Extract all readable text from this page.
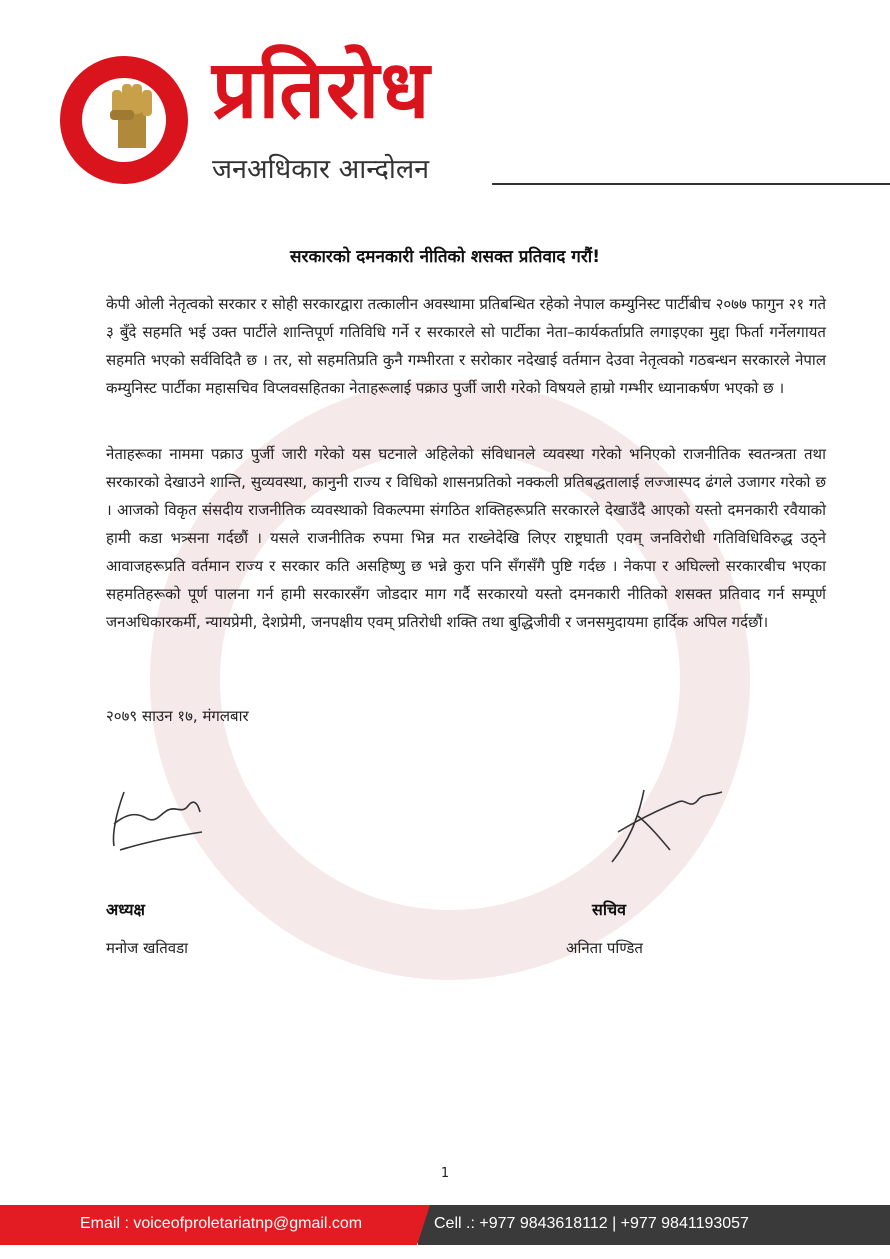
प्रतिरोध
जनअधिकार आन्दोलन
सरकारको दमनकारी नीतिको शसक्त प्रतिवाद गरौं!

केपी ओली नेतृत्वको सरकार र सोही सरकारद्वारा तत्कालीन अवस्थामा प्रतिबन्धित रहेको नेपाल कम्युनिस्ट पार्टीबीच २०७७ फागुन २१ गते ३ बुँदे सहमति भई उक्त पार्टीले शान्तिपूर्ण गतिविधि गर्ने र सरकारले सो पार्टीका नेता–कार्यकर्ताप्रति लगाइएका मुद्दा फिर्ता गर्नेलगायत सहमति भएको सर्वविदितै छ । तर, सो सहमतिप्रति कुनै गम्भीरता र सरोकार नदेखाई वर्तमान देउवा नेतृत्वको गठबन्धन सरकारले नेपाल कम्युनिस्ट पार्टीका महासचिव विप्लवसहितका नेताहरूलाई पक्राउ पुर्जी जारी गरेको विषयले हाम्रो गम्भीर ध्यानाकर्षण भएको छ ।

नेताहरूका नाममा पक्राउ पुर्जी जारी गरेको यस घटनाले अहिलेको संविधानले व्यवस्था गरेको भनिएको राजनीतिक स्वतन्त्रता तथा सरकारको देखाउने शान्ति, सुव्यवस्था, कानुनी राज्य र विधिको शासनप्रतिको नक्कली प्रतिबद्धतालाई लज्जास्पद ढंगले उजागर गरेको छ । आजको विकृत संसदीय राजनीतिक व्यवस्थाको विकल्पमा संगठित शक्तिहरूप्रति सरकारले देखाउँदै आएको यस्तो दमनकारी रवैयाको हामी कडा भत्र्सना गर्दछौं । यसले राजनीतिक रुपमा भिन्न मत राख्नेदेखि लिएर राष्ट्रघाती एवम् जनविरोधी गतिविधिविरुद्ध उठ्ने आवाजहरूप्रति वर्तमान राज्य र सरकार कति असहिष्णु छ भन्ने कुरा पनि सँगसँगै पुष्टि गर्दछ । नेकपा र अघिल्लो सरकारबीच भएका सहमतिहरूको पूर्ण पालना गर्न हामी सरकारसँग जोडदार माग गर्दै सरकारयो यस्तो दमनकारी नीतिको शसक्त प्रतिवाद गर्न सम्पूर्ण जनअधिकारकर्मी, न्यायप्रेमी, देशप्रेमी, जनपक्षीय एवम् प्रतिरोधी शक्ति तथा बुद्धिजीवी र जनसमुदायमा हार्दिक अपिल गर्दछौं।

२०७९ साउन १७, मंगलबार
अध्यक्ष	सचिव
मनोज खतिवडा	अनिता पण्डित
1
Email : voiceofproletariatnp@gmail.com	Cell .: +977 9843618112 | +977 9841193057
